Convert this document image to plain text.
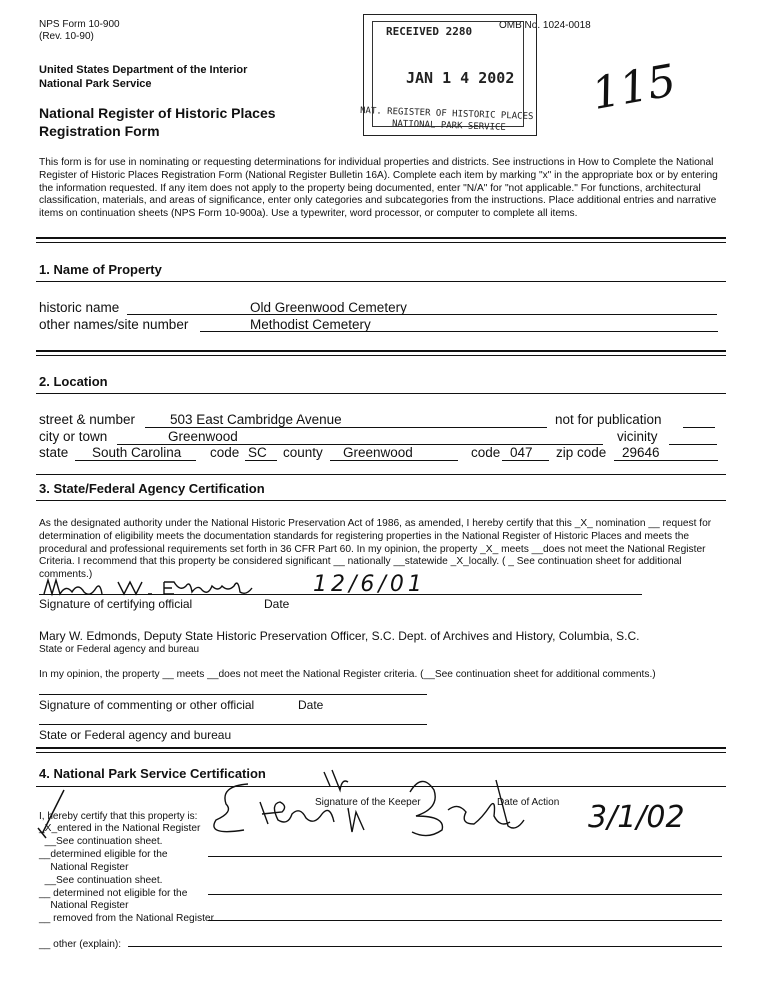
NPS Form 10-900
(Rev. 10-90)
OMB No. 1024-0018
United States Department of the Interior
National Park Service
National Register of Historic Places
Registration Form
RECEIVED 2280
JAN 1 4 2002
NAT. REGISTER OF HISTORIC PLACES
NATIONAL PARK SERVICE
115
This form is for use in nominating or requesting determinations for individual properties and districts. See instructions in How to Complete the National Register of Historic Places Registration Form (National Register Bulletin 16A). Complete each item by marking "x" in the appropriate box or by entering the information requested. If any item does not apply to the property being documented, enter "N/A" for "not applicable." For functions, architectural classification, materials, and areas of significance, enter only categories and subcategories from the instructions. Place additional entries and narrative items on continuation sheets (NPS Form 10-900a). Use a typewriter, word processor, or computer to complete all items.
1. Name of Property
historic name	Old Greenwood Cemetery
other names/site number	Methodist Cemetery
2. Location
street & number	503 East Cambridge Avenue	not for publication
city or town	Greenwood	vicinity
state South Carolina code SC county Greenwood	code 047 zip code 29646
3. State/Federal Agency Certification
As the designated authority under the National Historic Preservation Act of 1986, as amended, I hereby certify that this _X_ nomination __ request for determination of eligibility meets the documentation standards for registering properties in the National Register of Historic Places and meets the procedural and professional requirements set forth in 36 CFR Part 60. In my opinion, the property _X_ meets __does not meet the National Register Criteria. I recommend that this property be considered significant __ nationally __statewide _X_locally. ( _ See continuation sheet for additional comments.)	12/6/01
Signature of certifying official	Date
Mary W. Edmonds, Deputy State Historic Preservation Officer, S.C. Dept. of Archives and History, Columbia, S.C.
State or Federal agency and bureau
In my opinion, the property __ meets __does not meet the National Register criteria. (__See continuation sheet for additional comments.)
Signature of commenting or other official	Date
State or Federal agency and bureau
4. National Park Service Certification
Signature of the Keeper	Date of Action
I, hereby certify that this property is:
_X_entered in the National Register
__See continuation sheet.
__determined eligible for the
National Register
__See continuation sheet.
__ determined not eligible for the
National Register
__ removed from the National Register
__ other (explain):
3/1/02
